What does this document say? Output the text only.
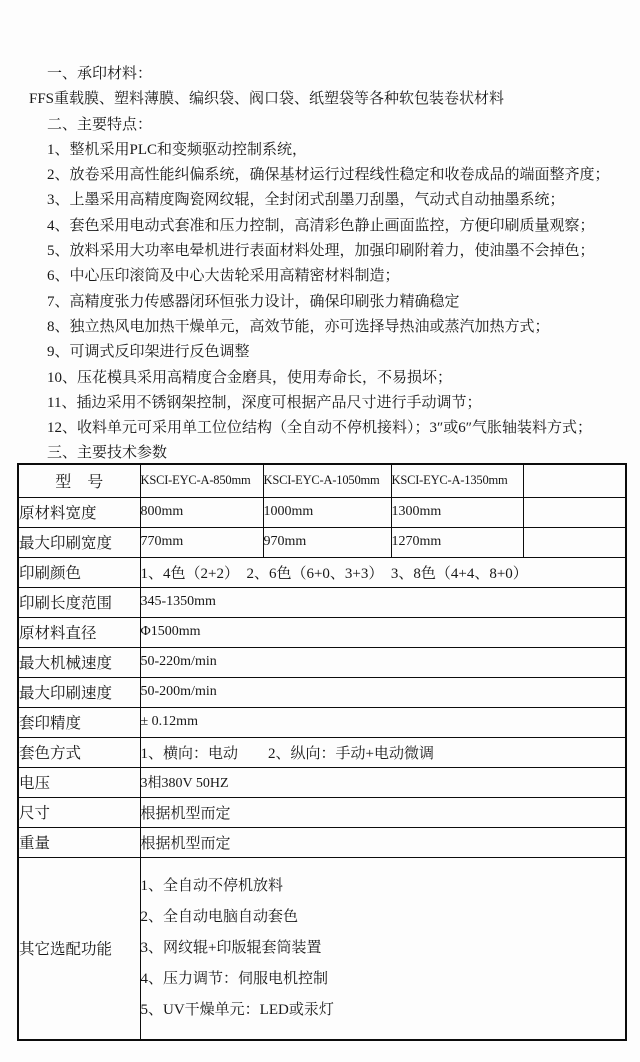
一、承印材料：

FFS重载膜、塑料薄膜、编织袋、阀口袋、纸塑袋等各种软包装卷状材料

二、主要特点：

1、整机采用PLC和变频驱动控制系统，

2、放卷采用高性能纠偏系统，确保基材运行过程线性稳定和收卷成品的端面整齐度；

3、上墨采用高精度陶瓷网纹辊，全封闭式刮墨刀刮墨，气动式自动抽墨系统；

4、套色采用电动式套准和压力控制，高清彩色静止画面监控，方便印刷质量观察；

5、放料采用大功率电晕机进行表面材料处理，加强印刷附着力，使油墨不会掉色；

6、中心压印滚筒及中心大齿轮采用高精密材料制造；

7、高精度张力传感器闭环恒张力设计，确保印刷张力精确稳定

8、独立热风电加热干燥单元，高效节能，亦可选择导热油或蒸汽加热方式；

9、可调式反印架进行反色调整

10、压花模具采用高精度合金磨具，使用寿命长，不易损坏；

11、插边采用不锈钢架控制，深度可根据产品尺寸进行手动调节；

12、收料单元可采用单工位位结构（全自动不停机接料）；3″或6″气胀轴装料方式；

三、主要技术参数

型　号	KSCI-EYC-A-850mm	KSCI-EYC-A-1050mm	KSCI-EYC-A-1350mm	
原材料宽度	800mm	1000mm	1300mm	
最大印刷宽度	770mm	970mm	1270mm	
印刷颜色	1、4色（2+2）  2、6色（6+0、3+3）  3、8色（4+4、8+0）			
印刷长度范围	345-1350mm			
原材料直径	Φ1500mm			
最大机械速度	50-220m/min			
最大印刷速度	50-200m/min			
套印精度	± 0.12mm			
套色方式	1、横向：电动　　2、纵向：手动+电动微调			
电压	3相380V 50HZ			
尺寸	根据机型而定			
重量	根据机型而定			
其它选配功能	1、全自动不停机放料

2、全自动电脑自动套色

3、网纹辊+印版辊套筒装置

4、压力调节：伺服电机控制

5、UV干燥单元：LED或汞灯			
